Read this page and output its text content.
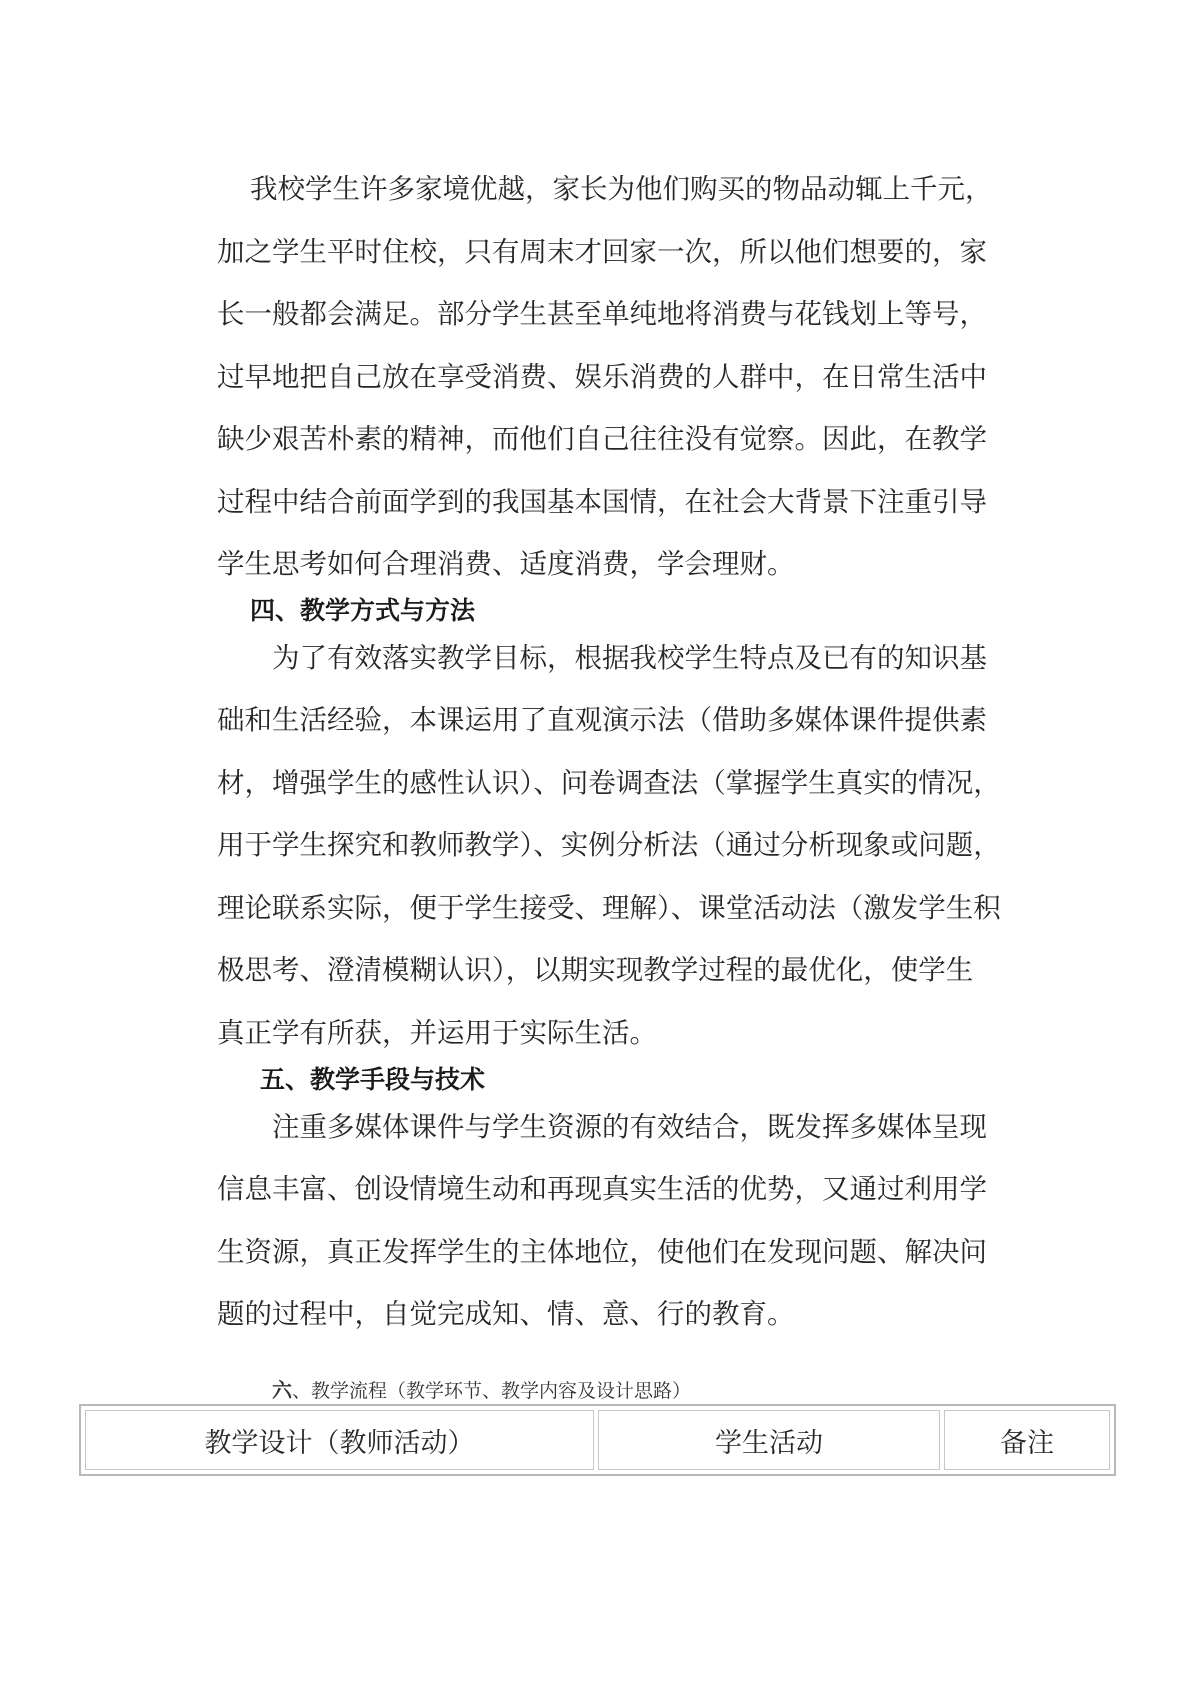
我校学生许多家境优越，家长为他们购买的物品动辄上千元，
加之学生平时住校，只有周末才回家一次，所以他们想要的，家
长一般都会满足。部分学生甚至单纯地将消费与花钱划上等号，
过早地把自己放在享受消费、娱乐消费的人群中，在日常生活中
缺少艰苦朴素的精神，而他们自己往往没有觉察。因此，在教学
过程中结合前面学到的我国基本国情，在社会大背景下注重引导
学生思考如何合理消费、适度消费，学会理财。
四、教学方式与方法
为了有效落实教学目标，根据我校学生特点及已有的知识基
础和生活经验，本课运用了直观演示法（借助多媒体课件提供素
材，增强学生的感性认识）、问卷调查法（掌握学生真实的情况，
用于学生探究和教师教学）、实例分析法（通过分析现象或问题，
理论联系实际，便于学生接受、理解）、课堂活动法（激发学生积
极思考、澄清模糊认识），以期实现教学过程的最优化，使学生
真正学有所获，并运用于实际生活。
五、教学手段与技术
注重多媒体课件与学生资源的有效结合，既发挥多媒体呈现
信息丰富、创设情境生动和再现真实生活的优势，又通过利用学
生资源，真正发挥学生的主体地位，使他们在发现问题、解决问
题的过程中，自觉完成知、情、意、行的教育。
六、教学流程（教学环节、教学内容及设计思路）
教学设计（教师活动）	学生活动	备注
